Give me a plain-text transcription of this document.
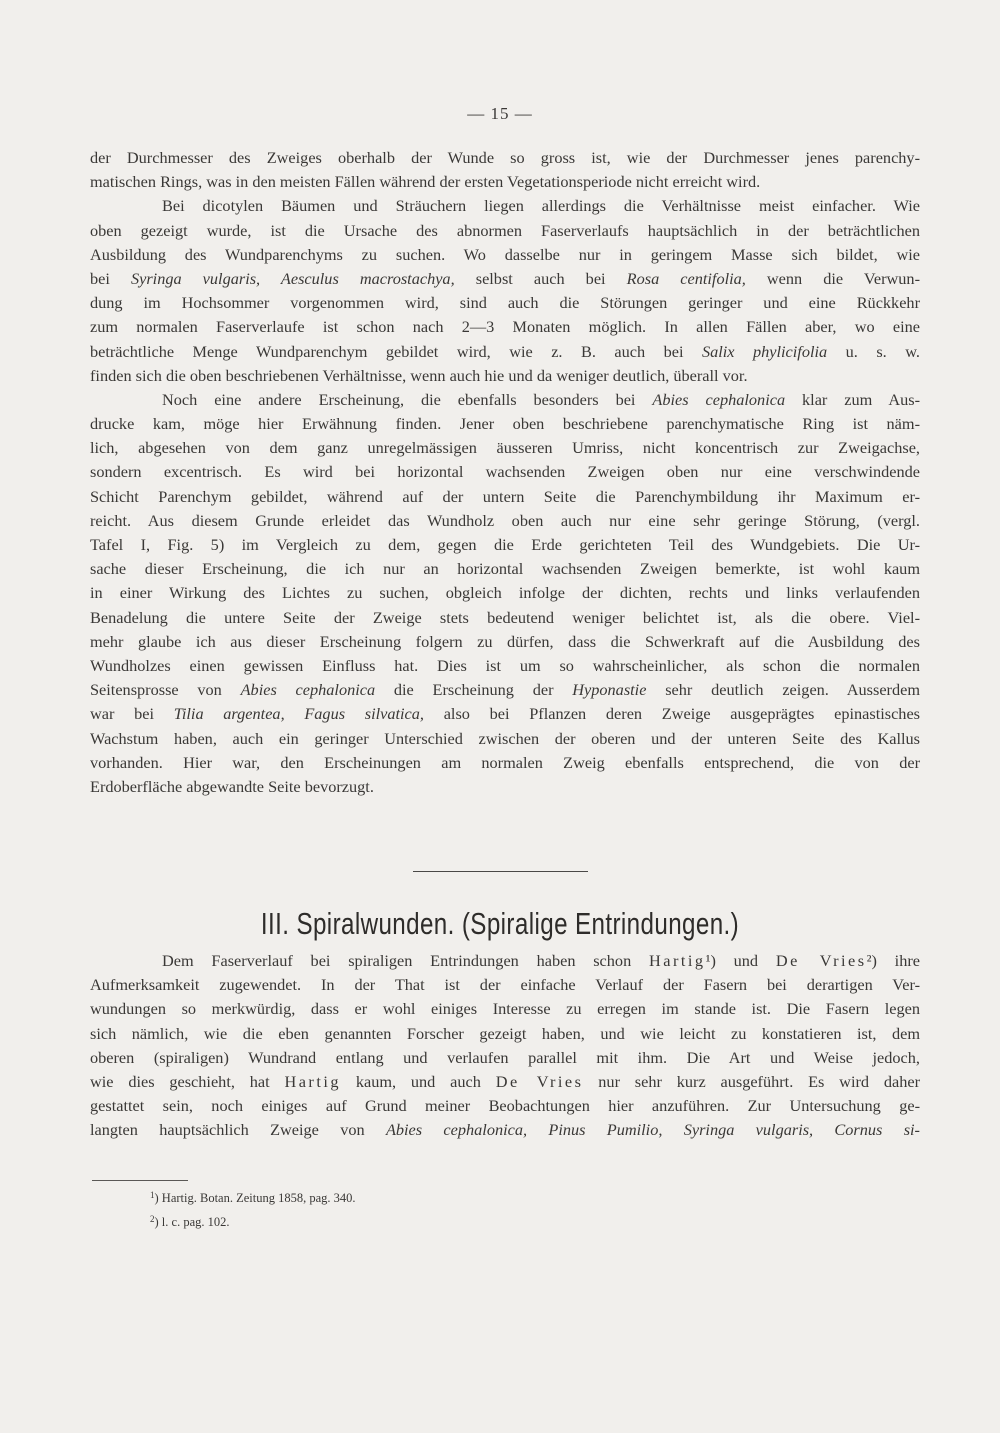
— 15 —
der Durchmesser des Zweiges oberhalb der Wunde so gross ist, wie der Durchmesser jenes parenchy-
matischen Rings, was in den meisten Fällen während der ersten Vegetationsperiode nicht erreicht wird.
Bei dicotylen Bäumen und Sträuchern liegen allerdings die Verhältnisse meist einfacher. Wie
oben gezeigt wurde, ist die Ursache des abnormen Faserverlaufs hauptsächlich in der beträchtlichen
Ausbildung des Wundparenchyms zu suchen. Wo dasselbe nur in geringem Masse sich bildet, wie
bei Syringa vulgaris, Aesculus macrostachya, selbst auch bei Rosa centifolia, wenn die Verwun-
dung im Hochsommer vorgenommen wird, sind auch die Störungen geringer und eine Rückkehr
zum normalen Faserverlaufe ist schon nach 2—3 Monaten möglich. In allen Fällen aber, wo eine
beträchtliche Menge Wundparenchym gebildet wird, wie z. B. auch bei Salix phylicifolia u. s. w.
finden sich die oben beschriebenen Verhältnisse, wenn auch hie und da weniger deutlich, überall vor.
Noch eine andere Erscheinung, die ebenfalls besonders bei Abies cephalonica klar zum Aus-
drucke kam, möge hier Erwähnung finden. Jener oben beschriebene parenchymatische Ring ist näm-
lich, abgesehen von dem ganz unregelmässigen äusseren Umriss, nicht koncentrisch zur Zweigachse,
sondern excentrisch. Es wird bei horizontal wachsenden Zweigen oben nur eine verschwindende
Schicht Parenchym gebildet, während auf der untern Seite die Parenchymbildung ihr Maximum er-
reicht. Aus diesem Grunde erleidet das Wundholz oben auch nur eine sehr geringe Störung, (vergl.
Tafel I, Fig. 5) im Vergleich zu dem, gegen die Erde gerichteten Teil des Wundgebiets. Die Ur-
sache dieser Erscheinung, die ich nur an horizontal wachsenden Zweigen bemerkte, ist wohl kaum
in einer Wirkung des Lichtes zu suchen, obgleich infolge der dichten, rechts und links verlaufenden
Benadelung die untere Seite der Zweige stets bedeutend weniger belichtet ist, als die obere. Viel-
mehr glaube ich aus dieser Erscheinung folgern zu dürfen, dass die Schwerkraft auf die Ausbildung des
Wundholzes einen gewissen Einfluss hat. Dies ist um so wahrscheinlicher, als schon die normalen
Seitensprosse von Abies cephalonica die Erscheinung der Hyponastie sehr deutlich zeigen. Ausserdem
war bei Tilia argentea, Fagus silvatica, also bei Pflanzen deren Zweige ausgeprägtes epinastisches
Wachstum haben, auch ein geringer Unterschied zwischen der oberen und der unteren Seite des Kallus
vorhanden. Hier war, den Erscheinungen am normalen Zweig ebenfalls entsprechend, die von der
Erdoberfläche abgewandte Seite bevorzugt.
III. Spiralwunden. (Spiralige Entrindungen.)
Dem Faserverlauf bei spiraligen Entrindungen haben schon Hartig¹) und De Vries²) ihre
Aufmerksamkeit zugewendet. In der That ist der einfache Verlauf der Fasern bei derartigen Ver-
wundungen so merkwürdig, dass er wohl einiges Interesse zu erregen im stande ist. Die Fasern legen
sich nämlich, wie die eben genannten Forscher gezeigt haben, und wie leicht zu konstatieren ist, dem
oberen (spiraligen) Wundrand entlang und verlaufen parallel mit ihm. Die Art und Weise jedoch,
wie dies geschieht, hat Hartig kaum, und auch De Vries nur sehr kurz ausgeführt. Es wird daher
gestattet sein, noch einiges auf Grund meiner Beobachtungen hier anzuführen. Zur Untersuchung ge-
langten hauptsächlich Zweige von Abies cephalonica, Pinus Pumilio, Syringa vulgaris, Cornus si-
$^1$) Hartig. Botan. Zeitung 1858, pag. 340.
$^2$) l. c. pag. 102.
